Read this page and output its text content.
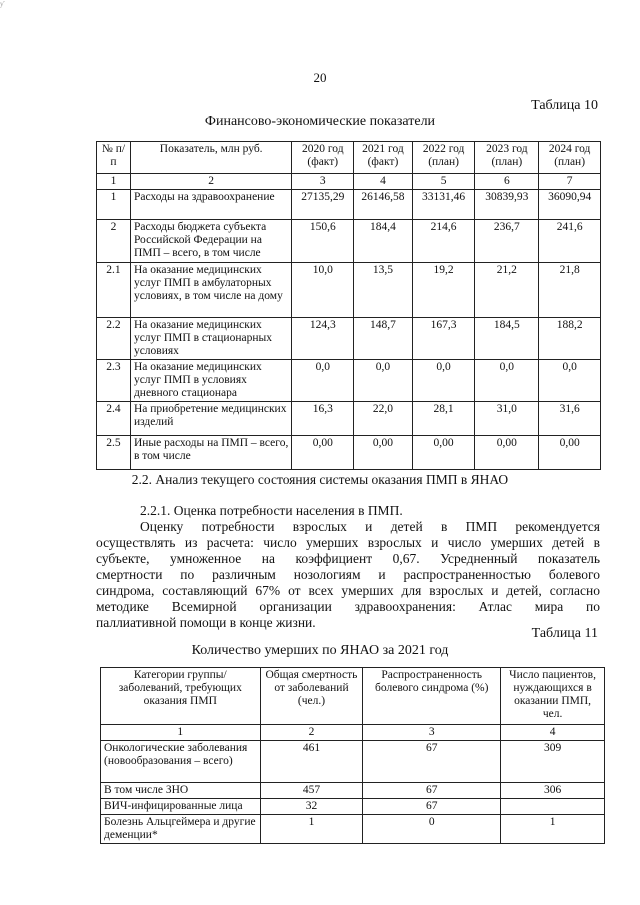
ƴ
20
Таблица 10
Финансово-экономические показатели
№ п/п	Показатель, млн руб.	2020 год (факт)	2021 год (факт)	2022 год (план)	2023 год (план)	2024 год (план)
1	2	3	4	5	6	7
1	Расходы на здравоохранение	27135,29	26146,58	33131,46	30839,93	36090,94
2	Расходы бюджета субъекта Российской Федерации на ПМП – всего, в том числе	150,6	184,4	214,6	236,7	241,6
2.1	На оказание медицинских услуг ПМП в амбулаторных условиях, в том числе на дому	10,0	13,5	19,2	21,2	21,8
2.2	На оказание медицинских услуг ПМП в стационарных условиях	124,3	148,7	167,3	184,5	188,2
2.3	На оказание медицинских услуг ПМП в условиях дневного стационара	0,0	0,0	0,0	0,0	0,0
2.4	На приобретение медицинских изделий	16,3	22,0	28,1	31,0	31,6
2.5	Иные расходы на ПМП – всего, в том числе	0,00	0,00	0,00	0,00	0,00
2.2. Анализ текущего состояния системы оказания ПМП в ЯНАО
2.2.1. Оценка потребности населения в ПМП.
Оценку потребности взрослых и детей в ПМП рекомендуется
осуществлять из расчета: число умерших взрослых и число умерших детей в
субъекте, умноженное на коэффициент 0,67. Усредненный показатель
смертности по различным нозологиям и распространенностью болевого
синдрома, составляющий 67% от всех умерших для взрослых и детей, согласно
методике Всемирной организации здравоохранения: Атлас мира по
паллиативной помощи в конце жизни.
Таблица 11
Количество умерших по ЯНАО за 2021 год
Категории группы/заболеваний, требующих оказания ПМП	Общая смертность от заболеваний (чел.)	Распространенность болевого синдрома (%)	Число пациентов, нуждающихся в оказании ПМП, чел.
1	2	3	4
Онкологические заболевания (новообразования – всего)	461	67	309
В том числе ЗНО	457	67	306
ВИЧ-инфицированные лица	32	67	
Болезнь Альцгеймера и другие деменции*	1	0	1
